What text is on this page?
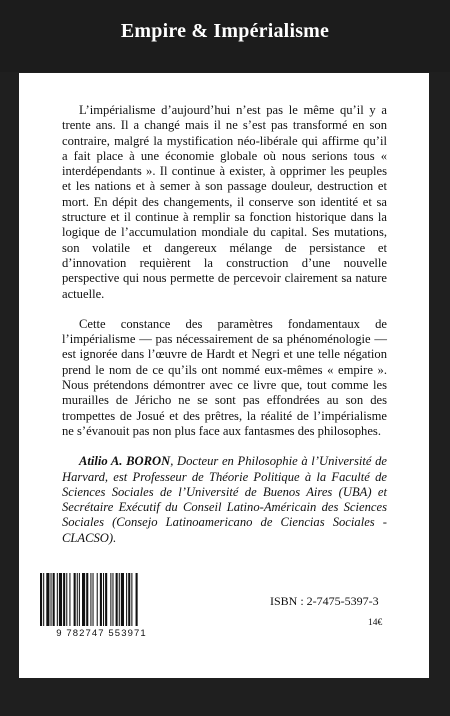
Empire & Impérialisme

L’impérialisme d’aujourd’hui n’est pas le même qu’il y a trente ans. Il a changé mais il ne s’est pas transformé en son contraire, malgré la mystification néo-libérale qui affirme qu’il a fait place à une économie globale où nous serions tous « interdépendants ». Il continue à exister, à opprimer les peuples et les nations et à semer à son passage douleur, destruction et mort. En dépit des changements, il conserve son identité et sa structure et il continue à remplir sa fonction historique dans la logique de l’accumulation mondiale du capital. Ses mutations, son volatile et dangereux mélange de persistance et d’innovation requièrent la construction d’une nouvelle perspective qui nous permette de percevoir clairement sa nature actuelle.

Cette constance des paramètres fondamentaux de l’impérialisme — pas nécessairement de sa phénoménologie — est ignorée dans l’œuvre de Hardt et Negri et une telle négation prend le nom de ce qu’ils ont nommé eux-mêmes « empire ». Nous prétendons démontrer avec ce livre que, tout comme les murailles de Jéricho ne se sont pas effondrées au son des trompettes de Josué et des prêtres, la réalité de l’impérialisme ne s’évanouit pas non plus face aux fantasmes des philosophes.

Atilio A. BORON, Docteur en Philosophie à l’Université de Harvard, est Professeur de Théorie Politique à la Faculté de Sciences Sociales de l’Université de Buenos Aires (UBA) et Secrétaire Exécutif du Conseil Latino-Américain des Sciences Sociales (Consejo Latinoamericano de Ciencias Sociales - CLACSO).

9 782747 553971
ISBN : 2-7475-5397-3
14€
